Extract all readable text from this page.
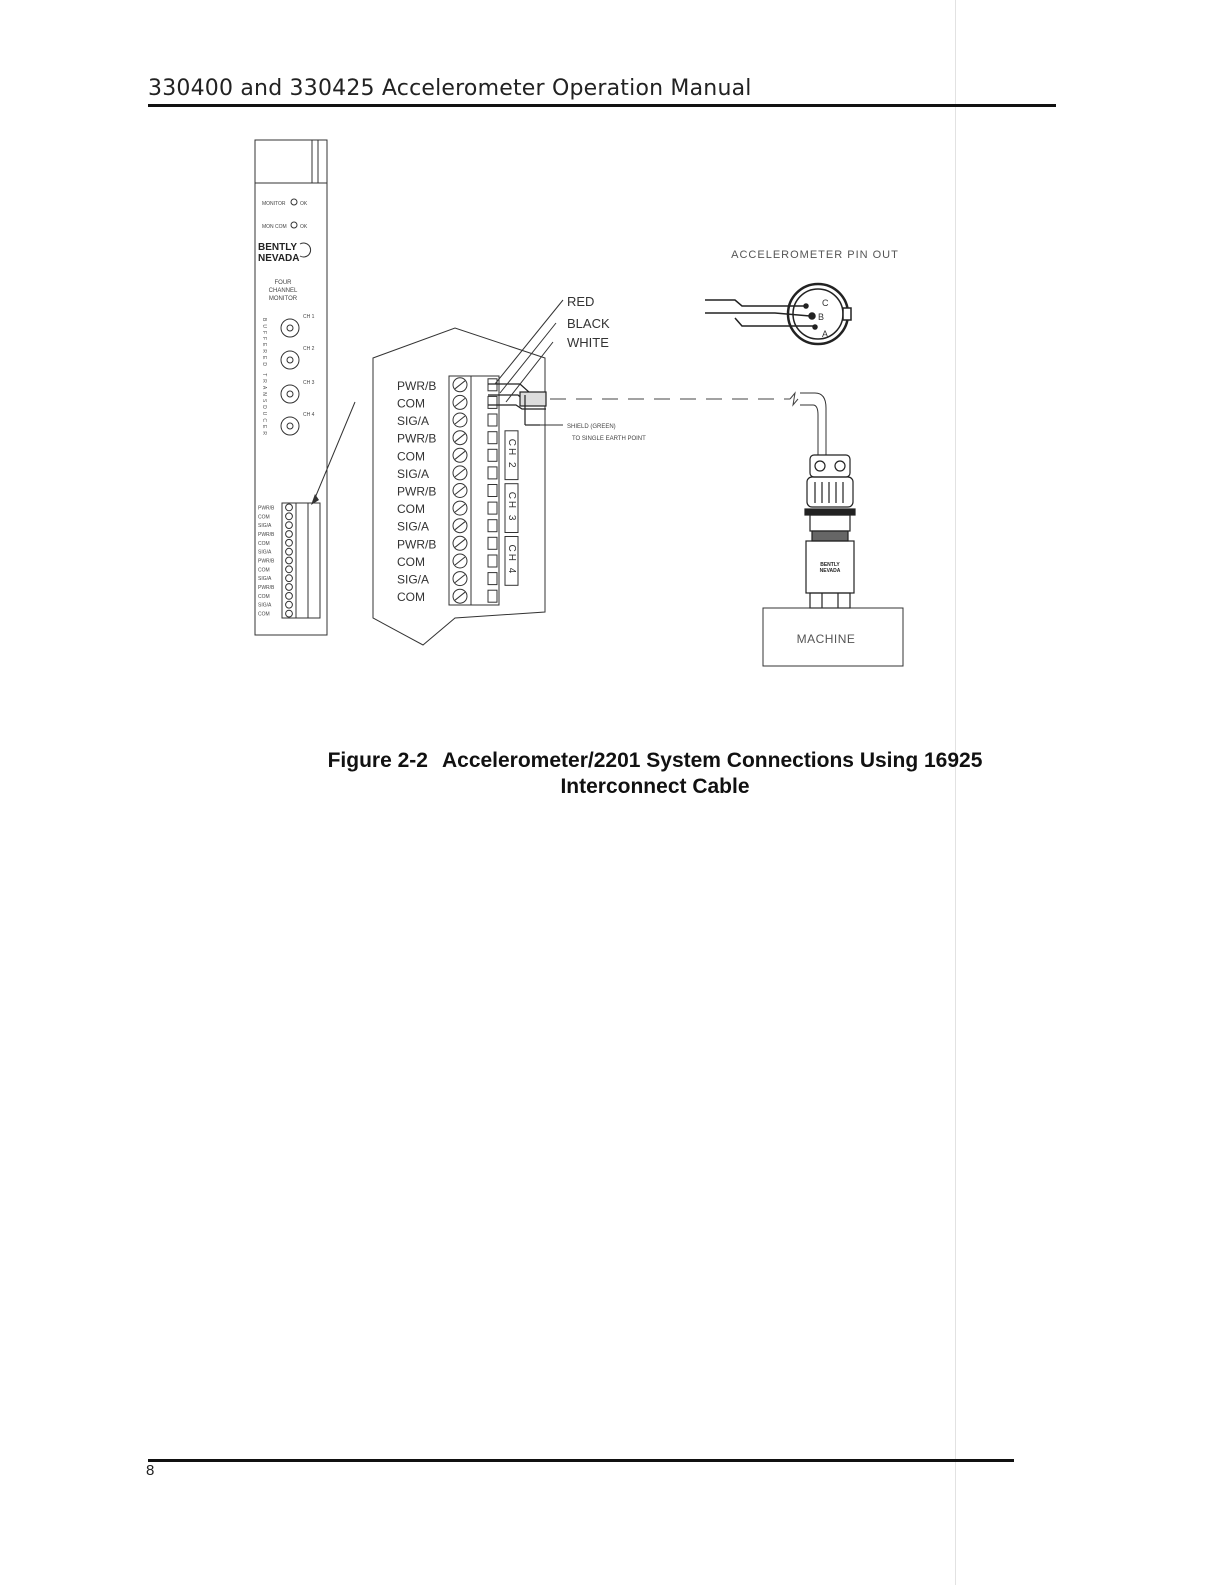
330400 and 330425 Accelerometer Operation Manual
MONITOR	OK
MON COM	OK
BENTLY
NEVADA
FOUR
CHANNEL
MONITOR
BUFFERED TRANSDUCER
CH 1
CH 2
CH 3
CH 4
PWR/B
COM
SIG/A
PWR/B
COM
SIG/A
PWR/B
COM
SIG/A
PWR/B
COM
SIG/A
COM
CH 2
CH 3
CH 4
PWR/B
COM
SIG/A
PWR/B
COM
SIG/A
PWR/B
COM
SIG/A
PWR/B
COM
SIG/A
COM
RED
BLACK
WHITE
SHIELD (GREEN)
TO SINGLE EARTH POINT
ACCELEROMETER PIN OUT
C
B
A
BENTLY
NEVADA
MACHINE
Figure 2-2 Accelerometer/2201 System Connections Using 16925
Interconnect Cable
8
